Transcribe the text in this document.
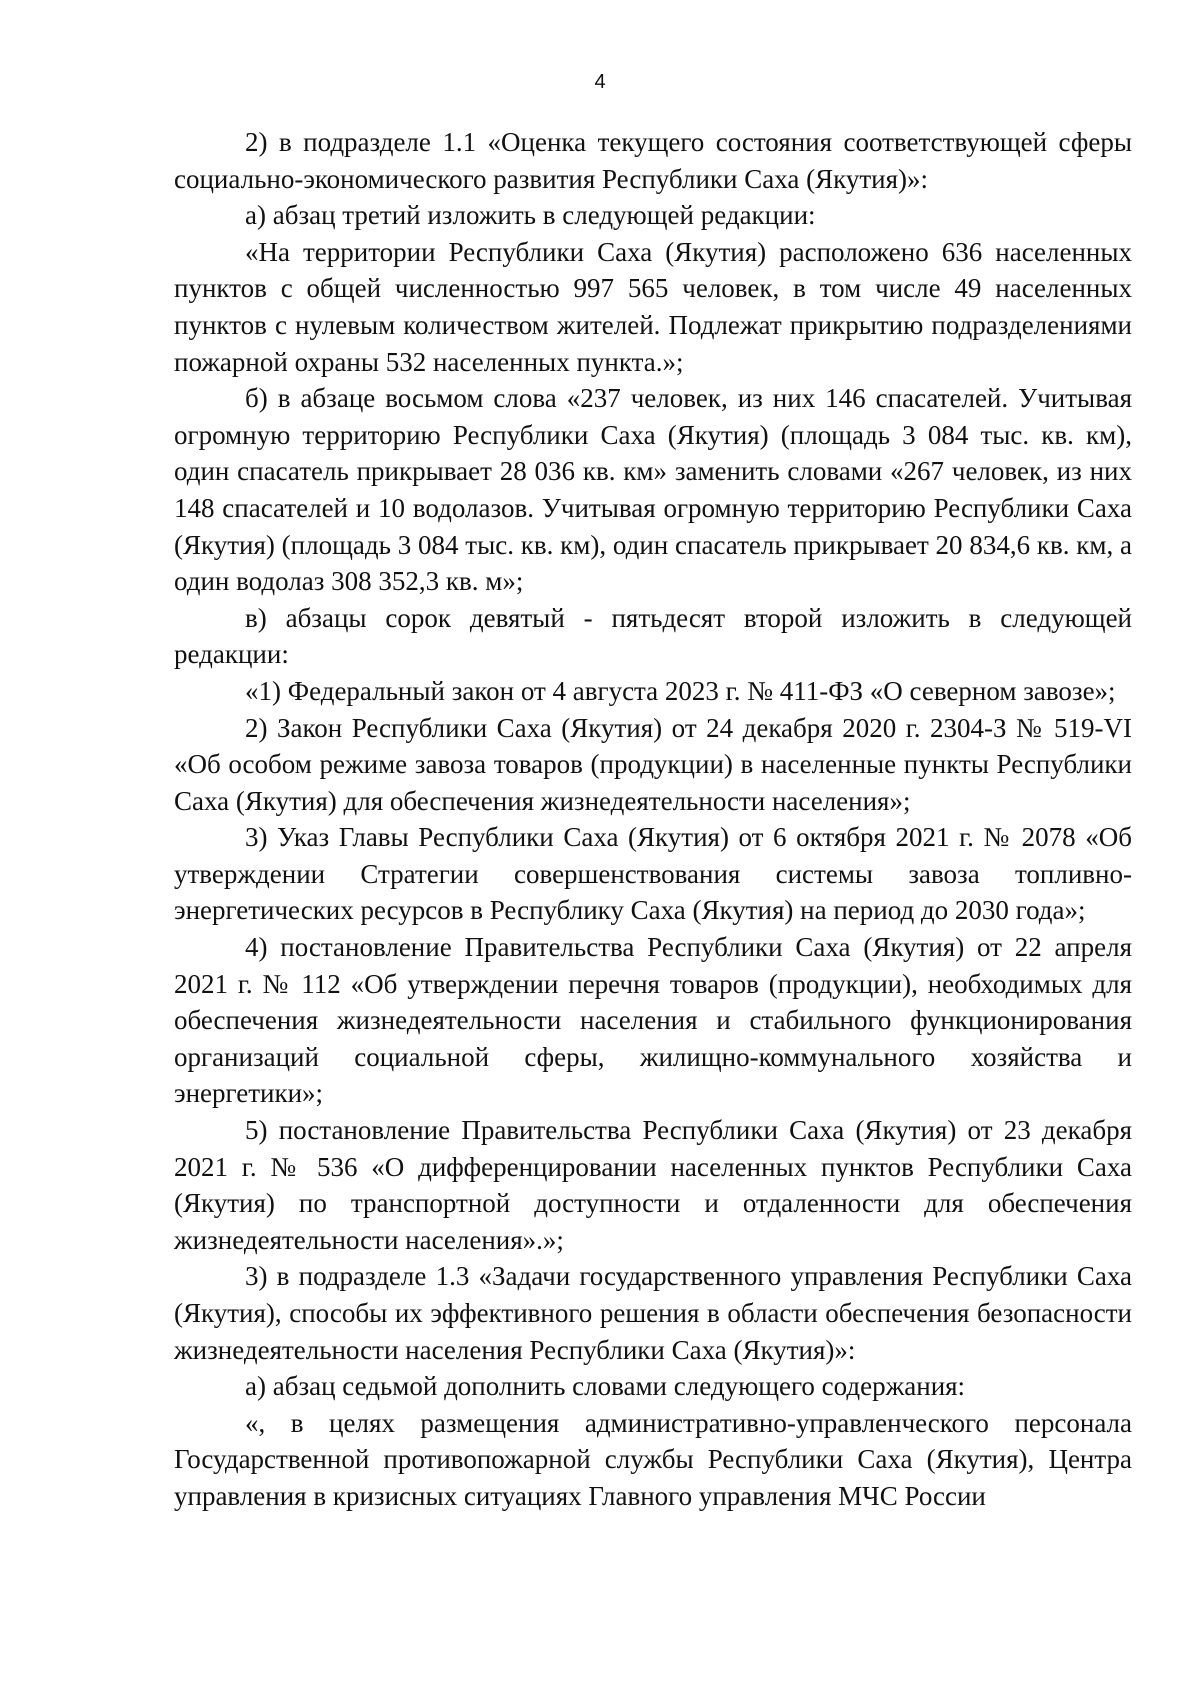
4

2) в подразделе 1.1 «Оценка текущего состояния соответствующей сферы социально-экономического развития Республики Саха (Якутия)»:

а) абзац третий изложить в следующей редакции:

«На территории Республики Саха (Якутия) расположено 636 населенных пунктов с общей численностью 997 565 человек, в том числе 49 населенных пунктов с нулевым количеством жителей. Подлежат прикрытию подразделениями пожарной охраны 532 населенных пункта.»;

б) в абзаце восьмом слова «237 человек, из них 146 спасателей. Учитывая огромную территорию Республики Саха (Якутия) (площадь 3 084 тыс. кв. км), один спасатель прикрывает 28 036 кв. км» заменить словами «267 человек, из них 148 спасателей и 10 водолазов. Учитывая огромную территорию Республики Саха (Якутия) (площадь 3 084 тыс. кв. км), один спасатель прикрывает 20 834,6 кв. км, а один водолаз 308 352,3 кв. м»;

в) абзацы сорок девятый - пятьдесят второй изложить в следующей редакции:

«1) Федеральный закон от 4 августа 2023 г. № 411-ФЗ «О северном завозе»;

2) Закон Республики Саха (Якутия) от 24 декабря 2020 г. 2304-З № 519-VI «Об особом режиме завоза товаров (продукции) в населенные пункты Республики Саха (Якутия) для обеспечения жизнедеятельности населения»;

3) Указ Главы Республики Саха (Якутия) от 6 октября 2021 г. № 2078 «Об утверждении Стратегии совершенствования системы завоза топливно-энергетических ресурсов в Республику Саха (Якутия) на период до 2030 года»;

4) постановление Правительства Республики Саха (Якутия) от 22 апреля 2021 г. № 112 «Об утверждении перечня товаров (продукции), необходимых для обеспечения жизнедеятельности населения и стабильного функционирования организаций социальной сферы, жилищно-коммунального хозяйства и энергетики»;

5) постановление Правительства Республики Саха (Якутия) от 23 декабря 2021 г. № 536 «О дифференцировании населенных пунктов Республики Саха (Якутия) по транспортной доступности и отдаленности для обеспечения жизнедеятельности населения».»;

3) в подразделе 1.3 «Задачи государственного управления Республики Саха (Якутия), способы их эффективного решения в области обеспечения безопасности жизнедеятельности населения Республики Саха (Якутия)»:

а) абзац седьмой дополнить словами следующего содержания:

«, в целях размещения административно-управленческого персонала Государственной противопожарной службы Республики Саха (Якутия), Центра управления в кризисных ситуациях Главного управления МЧС России
